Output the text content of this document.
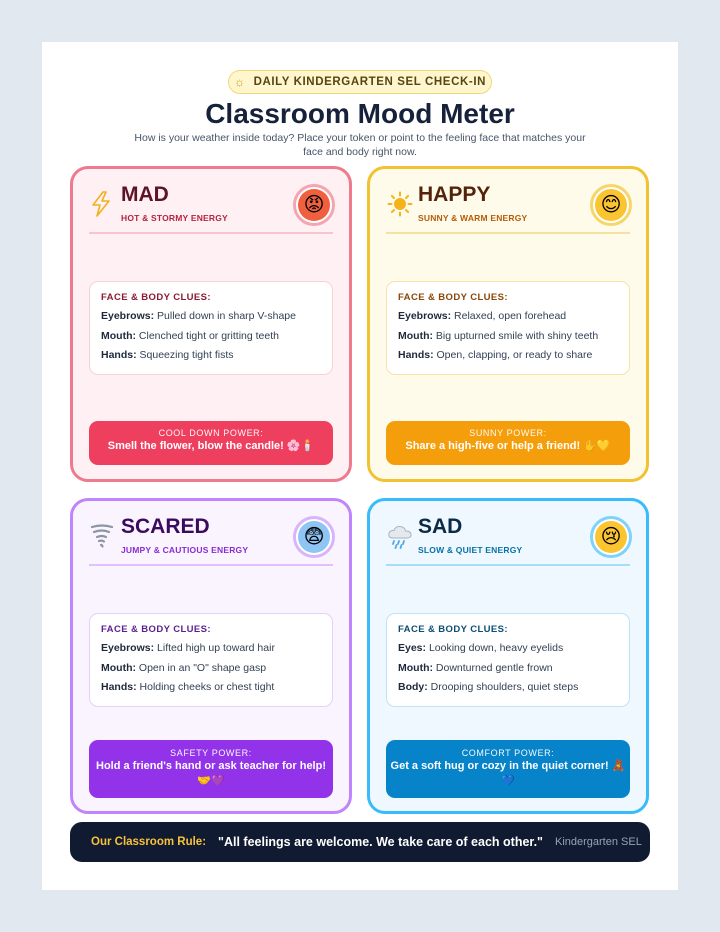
☼ DAILY KINDERGARTEN SEL CHECK-IN
Classroom Mood Meter
How is your weather inside today? Place your token or point to the feeling face that matches your face and body right now.
MAD
HOT & STORMY ENERGY
😡
FACE & BODY CLUES:
Eyebrows: Pulled down in sharp V-shape
Mouth: Clenched tight or gritting teeth
Hands: Squeezing tight fists
COOL DOWN POWER:
Smell the flower, blow the candle! 🌸🕯️
HAPPY
SUNNY & WARM ENERGY
😊
FACE & BODY CLUES:
Eyebrows: Relaxed, open forehead
Mouth: Big upturned smile with shiny teeth
Hands: Open, clapping, or ready to share
SUNNY POWER:
Share a high-five or help a friend! ✋💛
SCARED
JUMPY & CAUTIOUS ENERGY
😨
FACE & BODY CLUES:
Eyebrows: Lifted high up toward hair
Mouth: Open in an "O" shape gasp
Hands: Holding cheeks or chest tight
SAFETY POWER:
Hold a friend's hand or ask teacher for help! 🤝💜
SAD
SLOW & QUIET ENERGY
😢
FACE & BODY CLUES:
Eyes: Looking down, heavy eyelids
Mouth: Downturned gentle frown
Body: Drooping shoulders, quiet steps
COMFORT POWER:
Get a soft hug or cozy in the quiet corner! 🧸💙
Our Classroom Rule: "All feelings are welcome. We take care of each other." Kindergarten SEL
